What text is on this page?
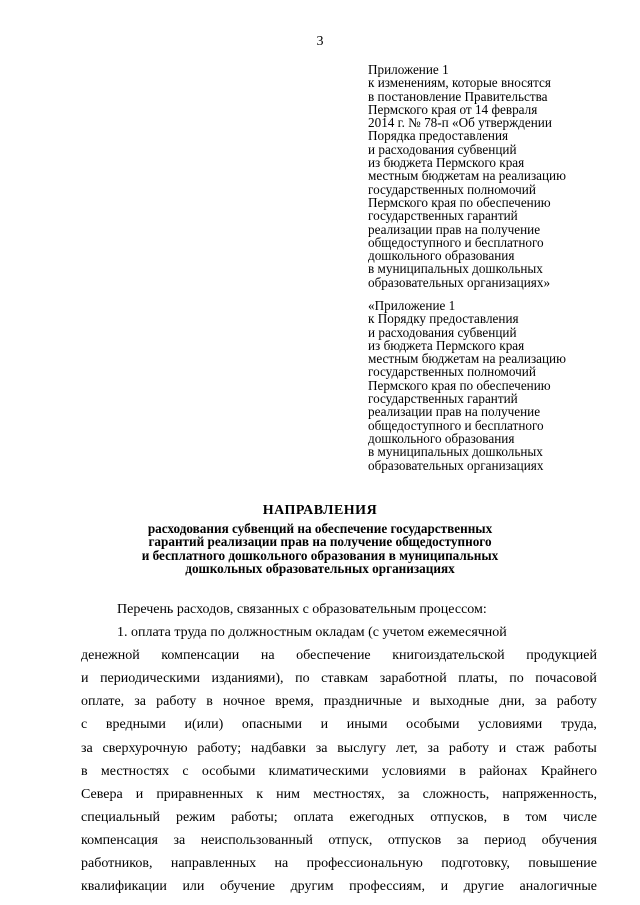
3
Приложение 1
к изменениям, которые вносятся
в постановление Правительства
Пермского края от 14 февраля
2014 г. № 78-п «Об утверждении
Порядка предоставления
и расходования субвенций
из бюджета Пермского края
местным бюджетам на реализацию
государственных полномочий
Пермского края по обеспечению
государственных гарантий
реализации прав на получение
общедоступного и бесплатного
дошкольного образования
в муниципальных дошкольных
образовательных организациях»
«Приложение 1
к Порядку предоставления
и расходования субвенций
из бюджета Пермского края
местным бюджетам на реализацию
государственных полномочий
Пермского края по обеспечению
государственных гарантий
реализации прав на получение
общедоступного и бесплатного
дошкольного образования
в муниципальных дошкольных
образовательных организациях
НАПРАВЛЕНИЯ
расходования субвенций на обеспечение государственных
гарантий реализации прав на получение общедоступного
и бесплатного дошкольного образования в муниципальных
дошкольных образовательных организациях
Перечень расходов, связанных с образовательным процессом:
1. оплата труда по должностным окладам (с учетом ежемесячной
денежной компенсации на обеспечение книгоиздательской продукцией
и периодическими изданиями), по ставкам заработной платы, по почасовой
оплате, за работу в ночное время, праздничные и выходные дни, за работу
с вредными и(или) опасными и иными особыми условиями труда,
за сверхурочную работу; надбавки за выслугу лет, за работу и стаж работы
в местностях с особыми климатическими условиями в районах Крайнего
Севера и приравненных к ним местностях, за сложность, напряженность,
специальный режим работы; оплата ежегодных отпусков, в том числе
компенсация за неиспользованный отпуск, отпусков за период обучения
работников, направленных на профессиональную подготовку, повышение
квалификации или обучение другим профессиям, и другие аналогичные
